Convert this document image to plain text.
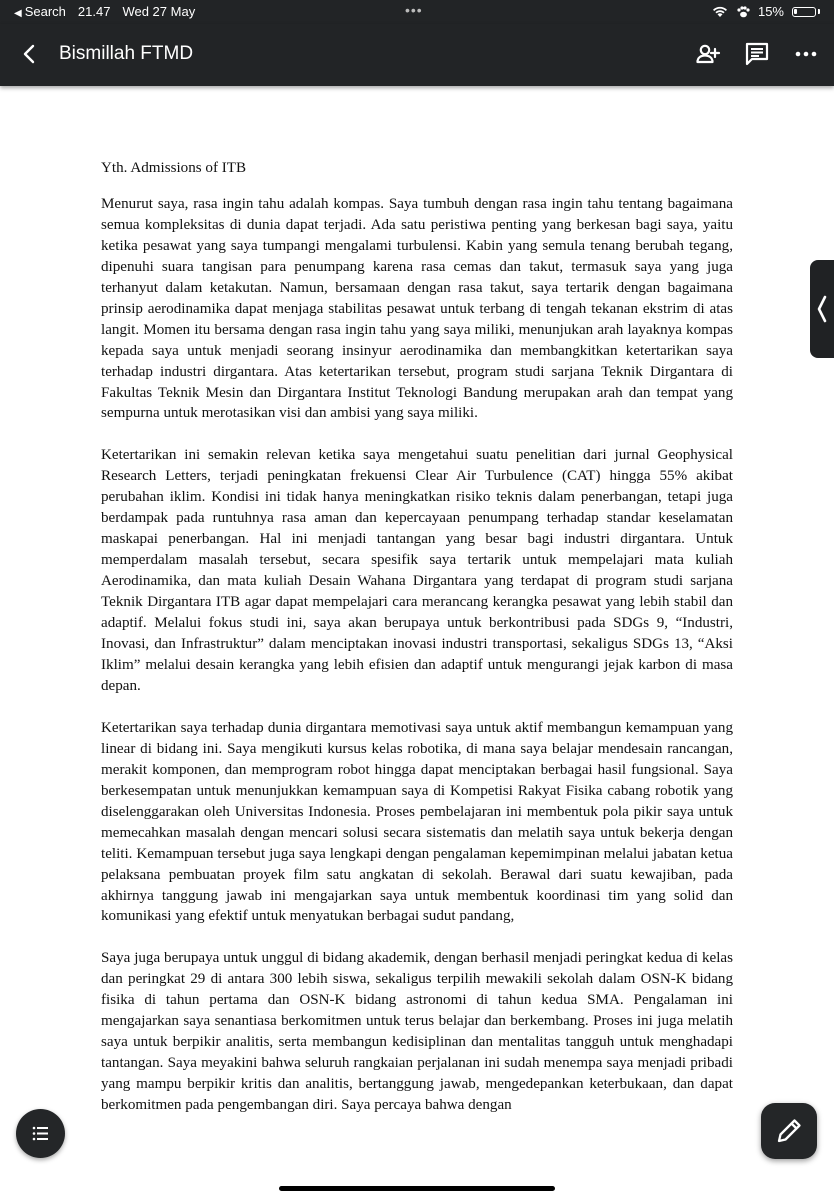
◀ Search 21.47 Wed 27 May	•••	15%
Bismillah FTMD

Yth. Admissions of ITB

Menurut saya, rasa ingin tahu adalah kompas. Saya tumbuh dengan rasa ingin tahu tentang bagaimana semua kompleksitas di dunia dapat terjadi. Ada satu peristiwa penting yang berkesan bagi saya, yaitu ketika pesawat yang saya tumpangi mengalami turbulensi. Kabin yang semula tenang berubah tegang, dipenuhi suara tangisan para penumpang karena rasa cemas dan takut, termasuk saya yang juga terhanyut dalam ketakutan. Namun, bersamaan dengan rasa takut, saya tertarik dengan bagaimana prinsip aerodinamika dapat menjaga stabilitas pesawat untuk terbang di tengah tekanan ekstrim di atas langit. Momen itu bersama dengan rasa ingin tahu yang saya miliki, menunjukan arah layaknya kompas kepada saya untuk menjadi seorang insinyur aerodinamika dan membangkitkan ketertarikan saya terhadap industri dirgantara. Atas ketertarikan tersebut, program studi sarjana Teknik Dirgantara di Fakultas Teknik Mesin dan Dirgantara Institut Teknologi Bandung merupakan arah dan tempat yang sempurna untuk merotasikan visi dan ambisi yang saya miliki.

Ketertarikan ini semakin relevan ketika saya mengetahui suatu penelitian dari jurnal Geophysical Research Letters, terjadi peningkatan frekuensi Clear Air Turbulence (CAT) hingga 55% akibat perubahan iklim. Kondisi ini tidak hanya meningkatkan risiko teknis dalam penerbangan, tetapi juga berdampak pada runtuhnya rasa aman dan kepercayaan penumpang terhadap standar keselamatan maskapai penerbangan. Hal ini menjadi tantangan yang besar bagi industri dirgantara. Untuk memperdalam masalah tersebut, secara spesifik saya tertarik untuk mempelajari mata kuliah Aerodinamika, dan mata kuliah Desain Wahana Dirgantara yang terdapat di program studi sarjana Teknik Dirgantara ITB agar dapat mempelajari cara merancang kerangka pesawat yang lebih stabil dan adaptif. Melalui fokus studi ini, saya akan berupaya untuk berkontribusi pada SDGs 9, “Industri, Inovasi, dan Infrastruktur” dalam menciptakan inovasi industri transportasi, sekaligus SDGs 13, “Aksi Iklim” melalui desain kerangka yang lebih efisien dan adaptif untuk mengurangi jejak karbon di masa depan.

Ketertarikan saya terhadap dunia dirgantara memotivasi saya untuk aktif membangun kemampuan yang linear di bidang ini. Saya mengikuti kursus kelas robotika, di mana saya belajar mendesain rancangan, merakit komponen, dan memprogram robot hingga dapat menciptakan berbagai hasil fungsional. Saya berkesempatan untuk menunjukkan kemampuan saya di Kompetisi Rakyat Fisika cabang robotik yang diselenggarakan oleh Universitas Indonesia. Proses pembelajaran ini membentuk pola pikir saya untuk memecahkan masalah dengan mencari solusi secara sistematis dan melatih saya untuk bekerja dengan teliti. Kemampuan tersebut juga saya lengkapi dengan pengalaman kepemimpinan melalui jabatan ketua pelaksana pembuatan proyek film satu angkatan di sekolah. Berawal dari suatu kewajiban, pada akhirnya tanggung jawab ini mengajarkan saya untuk membentuk koordinasi tim yang solid dan komunikasi yang efektif untuk menyatukan berbagai sudut pandang,

Saya juga berupaya untuk unggul di bidang akademik, dengan berhasil menjadi peringkat kedua di kelas dan peringkat 29 di antara 300 lebih siswa, sekaligus terpilih mewakili sekolah dalam OSN-K bidang fisika di tahun pertama dan OSN-K bidang astronomi di tahun kedua SMA. Pengalaman ini mengajarkan saya senantiasa berkomitmen untuk terus belajar dan berkembang. Proses ini juga melatih saya untuk berpikir analitis, serta membangun kedisiplinan dan mentalitas tangguh untuk menghadapi tantangan. Saya meyakini bahwa seluruh rangkaian perjalanan ini sudah menempa saya menjadi pribadi yang mampu berpikir kritis dan analitis, bertanggung jawab, mengedepankan keterbukaan, dan dapat berkomitmen pada pengembangan diri. Saya percaya bahwa dengan
